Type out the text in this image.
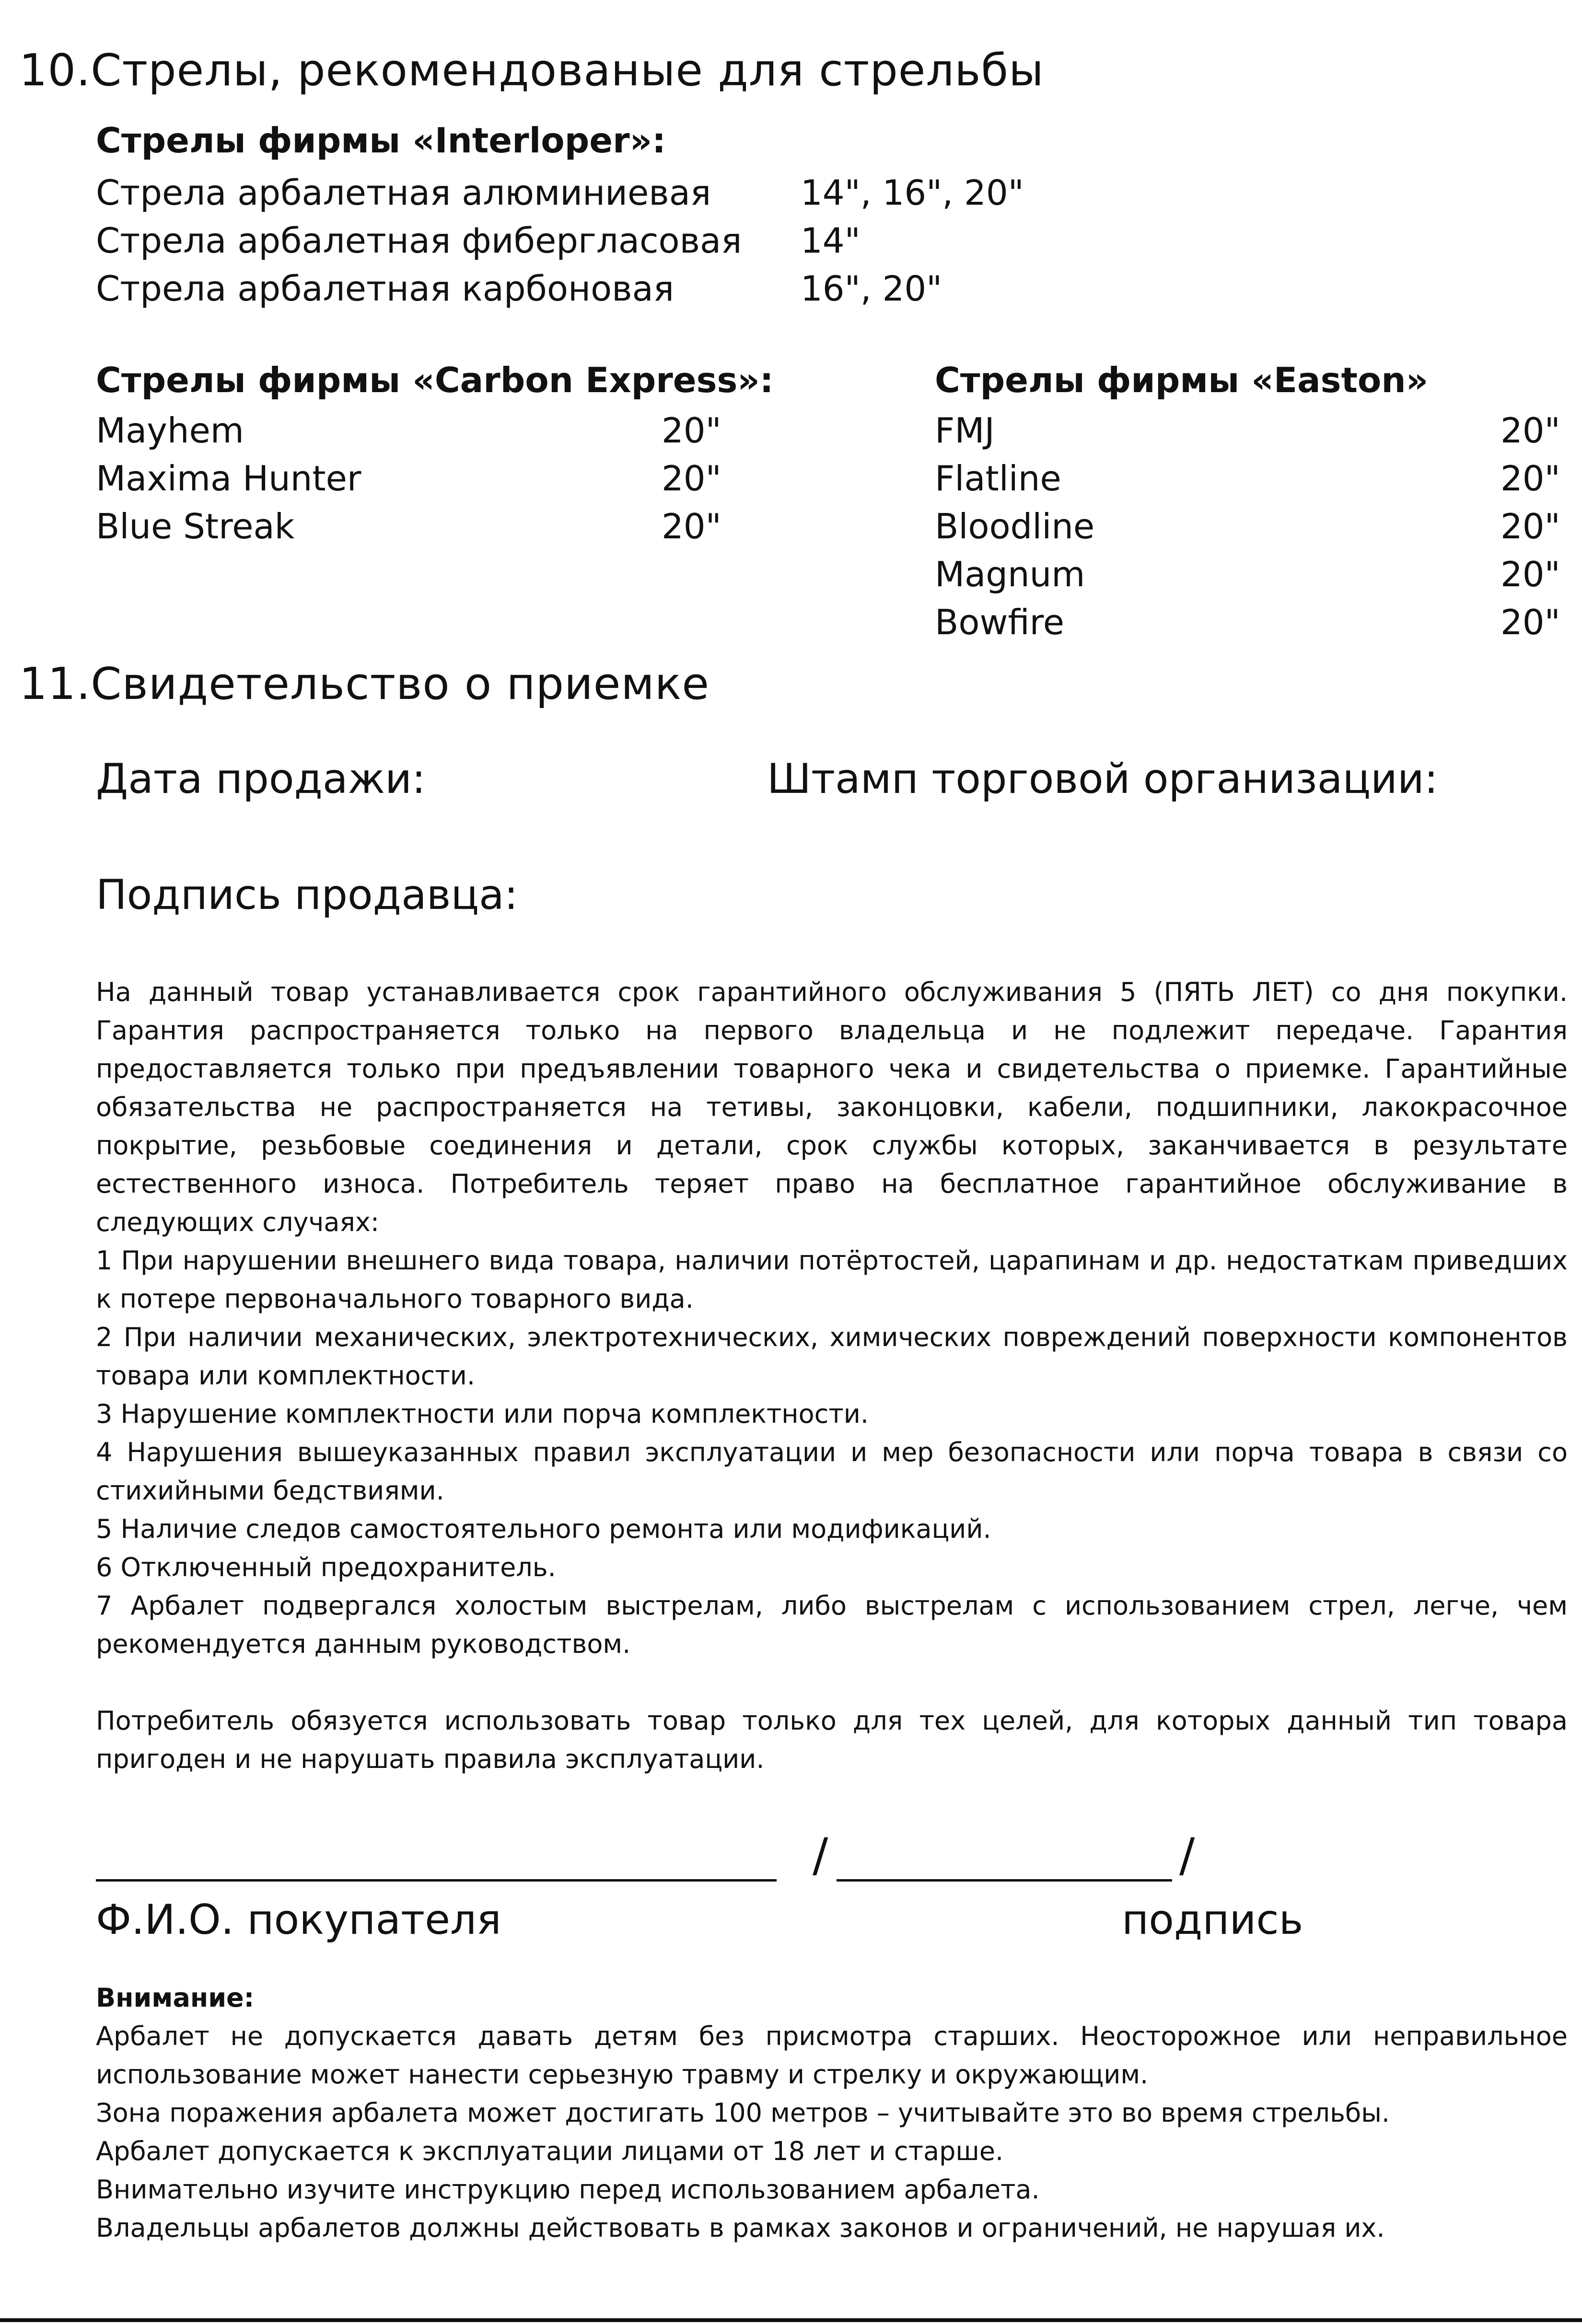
10.Стрелы, рекомендованые для стрельбы
Стрелы фирмы «Interloper»:
Стрела арбалетная алюминиевая	14", 16", 20"
Стрела арбалетная фибергласовая 14"
Стрела арбалетная карбоновая	16", 20"
Стрелы фирмы «Carbon Express»:
Mayhem	20"
Maxima Hunter	20"
Blue Streak	20"
Стрелы фирмы «Easton»
FMJ	20"
Flatline	20"
Bloodline	20"
Magnum	20"
Bowfire	20"
11.Свидетельство о приемке
Дата продажи:	Штамп торговой организации:
Подпись продавца:

На данный товар устанавливается срок гарантийного обслуживания 5 (ПЯТЬ ЛЕТ) со дня покупки. Гарантия распространяется только на первого владельца и не подлежит передаче. Гарантия предоставляется только при предъявлении товарного чека и свидетельства о приемке. Гарантийные обязательства не распространяется на тетивы, законцовки, кабели, подшипники, лакокрасочное покрытие, резьбовые соединения и детали, срок службы которых, заканчивается в результате естественного износа. Потребитель теряет право на бесплатное гарантийное обслуживание в следующих случаях:

1 При нарушении внешнего вида товара, наличии потёртостей, царапинам и др. недостаткам приведших к потере первоначального товарного вида.

2 При наличии механических, электротехнических, химических повреждений поверхности компонентов товара или комплектности.

3 Нарушение комплектности или порча комплектности.

4 Нарушения вышеуказанных правил эксплуатации и мер безопасности или порча товара в связи со стихийными бедствиями.

5 Наличие следов самостоятельного ремонта или модификаций.

6 Отключенный предохранитель.

7 Арбалет подвергался холостым выстрелам, либо выстрелам с использованием стрел, легче, чем рекомендуется данным руководством.

Потребитель обязуется использовать товар только для тех целей, для которых данный тип товара пригоден и не нарушать правила эксплуатации.

/	/
Ф.И.О. покупателя	подпись
Внимание:

Арбалет не допускается давать детям без присмотра старших. Неосторожное или неправильное использование может нанести серьезную травму и стрелку и окружающим.

Зона поражения арбалета может достигать 100 метров – учитывайте это во время стрельбы.

Арбалет допускается к эксплуатации лицами от 18 лет и старше.

Внимательно изучите инструкцию перед использованием арбалета.

Владельцы арбалетов должны действовать в рамках законов и ограничений, не нарушая их.
